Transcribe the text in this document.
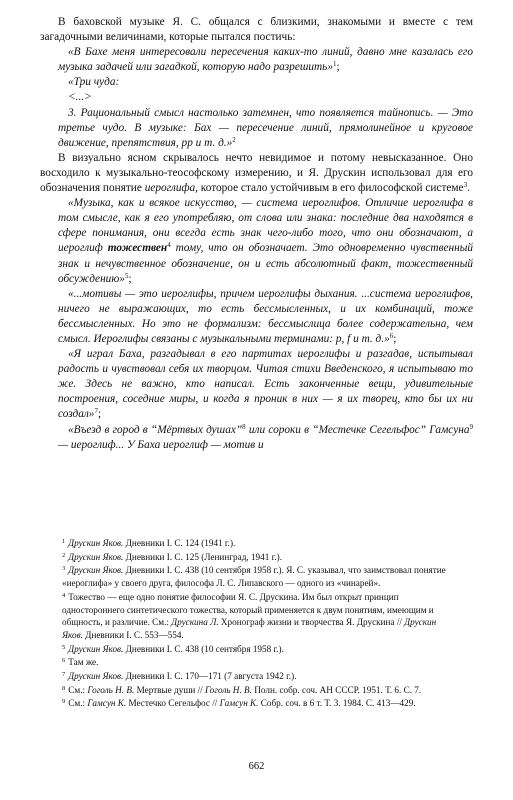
В баховской музыке Я. С. общался с близкими, знакомыми и вместе с тем загадочными величинами, которые пытался постичь:

«В Бахе меня интересовали пересечения каких-то линий, давно мне казалась его музыка задачей или загадкой, которую надо разрешить»$^1$;

«Три чуда:

<...>

3. Рациональный смысл настолько затемнен, что появляется тайнопись. — Это третье чудо. В музыке: Бах — пересечение линий, прямолинейное и круговое движение, препятствия, pp и т. д.»$^2$

В визуально ясном скрывалось нечто невидимое и потому невысказанное. Оно восходило к музыкально-теософскому измерению, и Я. Друскин использовал для его обозначения понятие иероглифа, которое стало устойчивым в его философской системе$^3$.

«Музыка, как и всякое искусство, — система иероглифов. Отличие иероглифа в том смысле, как я его употребляю, от слова или знака: последние два находятся в сфере понимания, они всегда есть знак чего-либо того, что они обозначают, а иероглиф тожествен$^4$ тому, что он обозначает. Это одновременно чувственный знак и нечувственное обозначение, он и есть абсолютный факт, тожественный обсуждению»$^5$;

«...мотивы — это иероглифы, причем иероглифы дыхания. ...система иероглифов, ничего не выражающих, то есть бессмысленных, и их комбинаций, тоже бессмысленных. Но это не формализм: бессмыслица более содержательна, чем смысл. Иероглифы связаны с музыкальными терминами: p, f и т. д.»$^6$;

«Я играл Баха, разгадывал в его партитах иероглифы и разгадав, испытывал радость и чувствовал себя их творцом. Читая стихи Введенского, я испытываю то же. Здесь не важно, кто написал. Есть законченные вещи, удивительные построения, соседние миры, и когда я проник в них — я их творец, кто бы их ни создал»$^7$;

«Въезд в город в “Мёртвых душах”$^8$ или сороки в “Местечке Сегельфос” Гамсуна$^9$ — иероглиф... У Баха иероглиф — мотив и

$^1$ Друскин Яков. Дневники I. С. 124 (1941 г.).

$^2$ Друскин Яков. Дневники I. С. 125 (Ленинград, 1941 г.).

$^3$ Друскин Яков. Дневники I. С. 438 (10 сентября 1958 г.). Я. С. указывал, что заимствовал понятие «иероглифа» у своего друга, философа Л. С. Липавского — одного из «чинарей».

$^4$ Тожество — еще одно понятие философии Я. С. Друскина. Им был открыт принцип одностороннего синтетического тожества, который применяется к двум понятиям, имеющим и общность, и различие. См.: Друскина Л. Хронограф жизни и творчества Я. Друскина // Друскин Яков. Дневники I. С. 553—554.

$^5$ Друскин Яков. Дневники I. С. 438 (10 сентября 1958 г.).

$^6$ Там же.

$^7$ Друскин Яков. Дневники I. С. 170—171 (7 августа 1942 г.).

$^8$ См.: Гоголь Н. В. Мертвые души // Гоголь Н. В. Полн. собр. соч. АН СССР. 1951. Т. 6. С. 7.

$^9$ См.: Гамсун К. Местечко Сегельфос // Гамсун К. Собр. соч. в 6 т. Т. 3. 1984. С. 413—429.

662
